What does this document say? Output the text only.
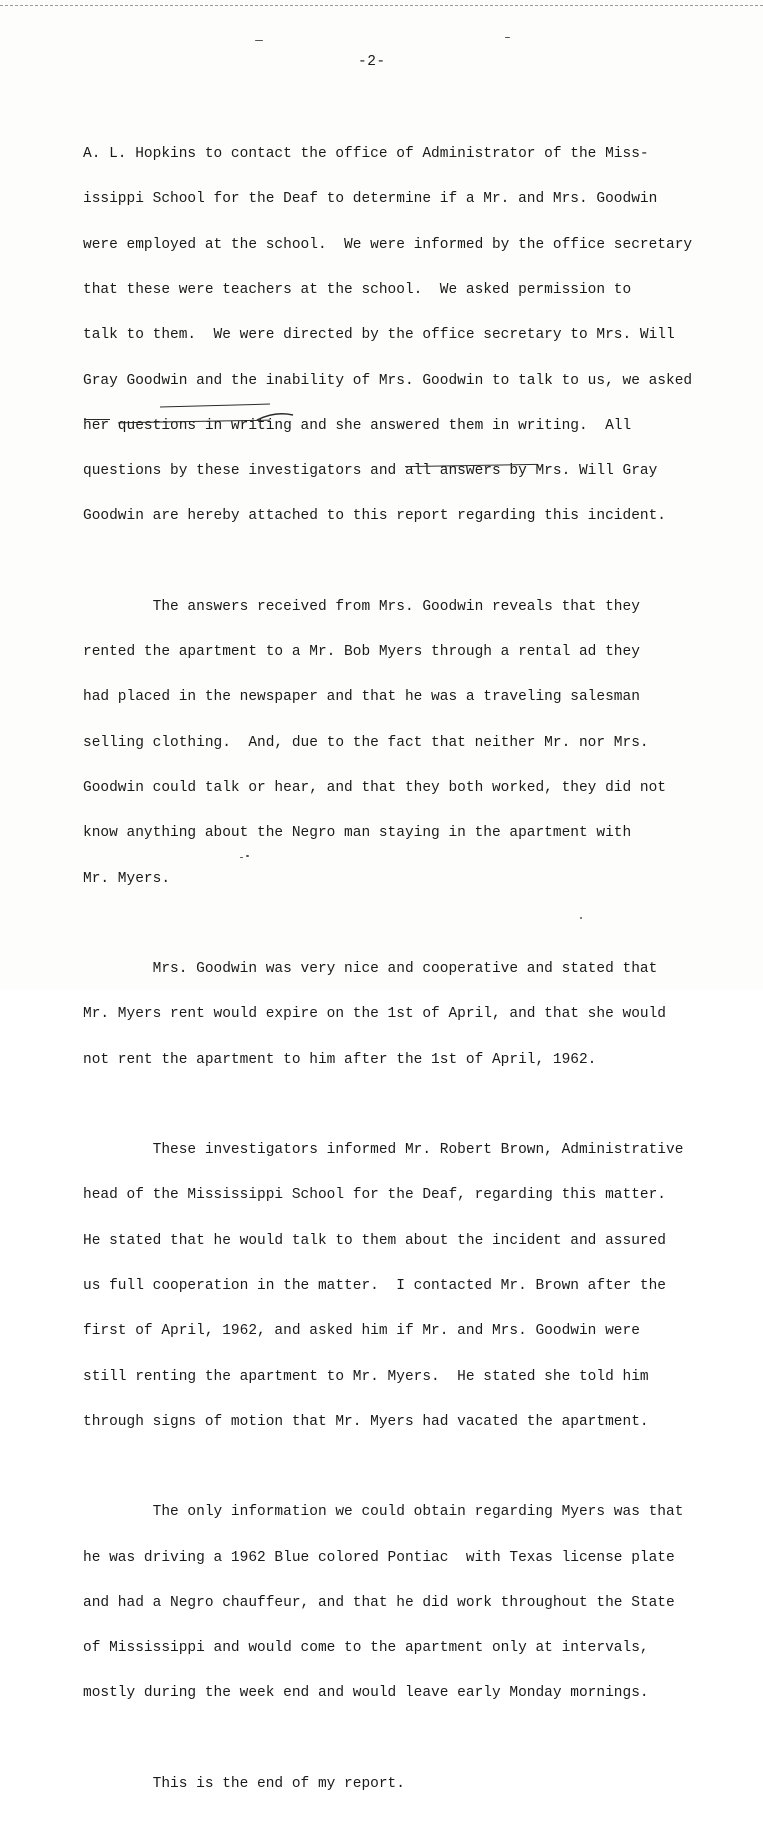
-2-

A. L. Hopkins to contact the office of Administrator of the Miss-

issippi School for the Deaf to determine if a Mr. and Mrs. Goodwin

were employed at the school.  We were informed by the office secretary

that these were teachers at the school.  We asked permission to

talk to them.  We were directed by the office secretary to Mrs. Will

Gray Goodwin and the inability of Mrs. Goodwin to talk to us, we asked

her questions in writing and she answered them in writing.  All

questions by these investigators and all answers by Mrs. Will Gray

Goodwin are hereby attached to this report regarding this incident.

The answers received from Mrs. Goodwin reveals that they

rented the apartment to a Mr. Bob Myers through a rental ad they

had placed in the newspaper and that he was a traveling salesman

selling clothing.  And, due to the fact that neither Mr. nor Mrs.

Goodwin could talk or hear, and that they both worked, they did not

know anything about the Negro man staying in the apartment with

Mr. Myers.

Mrs. Goodwin was very nice and cooperative and stated that

Mr. Myers rent would expire on the 1st of April, and that she would

not rent the apartment to him after the 1st of April, 1962.

These investigators informed Mr. Robert Brown, Administrative

head of the Mississippi School for the Deaf, regarding this matter.

He stated that he would talk to them about the incident and assured

us full cooperation in the matter.  I contacted Mr. Brown after the

first of April, 1962, and asked him if Mr. and Mrs. Goodwin were

still renting the apartment to Mr. Myers.  He stated she told him

through signs of motion that Mr. Myers had vacated the apartment.

The only information we could obtain regarding Myers was that

he was driving a 1962 Blue colored Pontiac  with Texas license plate

and had a Negro chauffeur, and that he did work throughout the State

of Mississippi and would come to the apartment only at intervals,

mostly during the week end and would leave early Monday mornings.

This is the end of my report.
